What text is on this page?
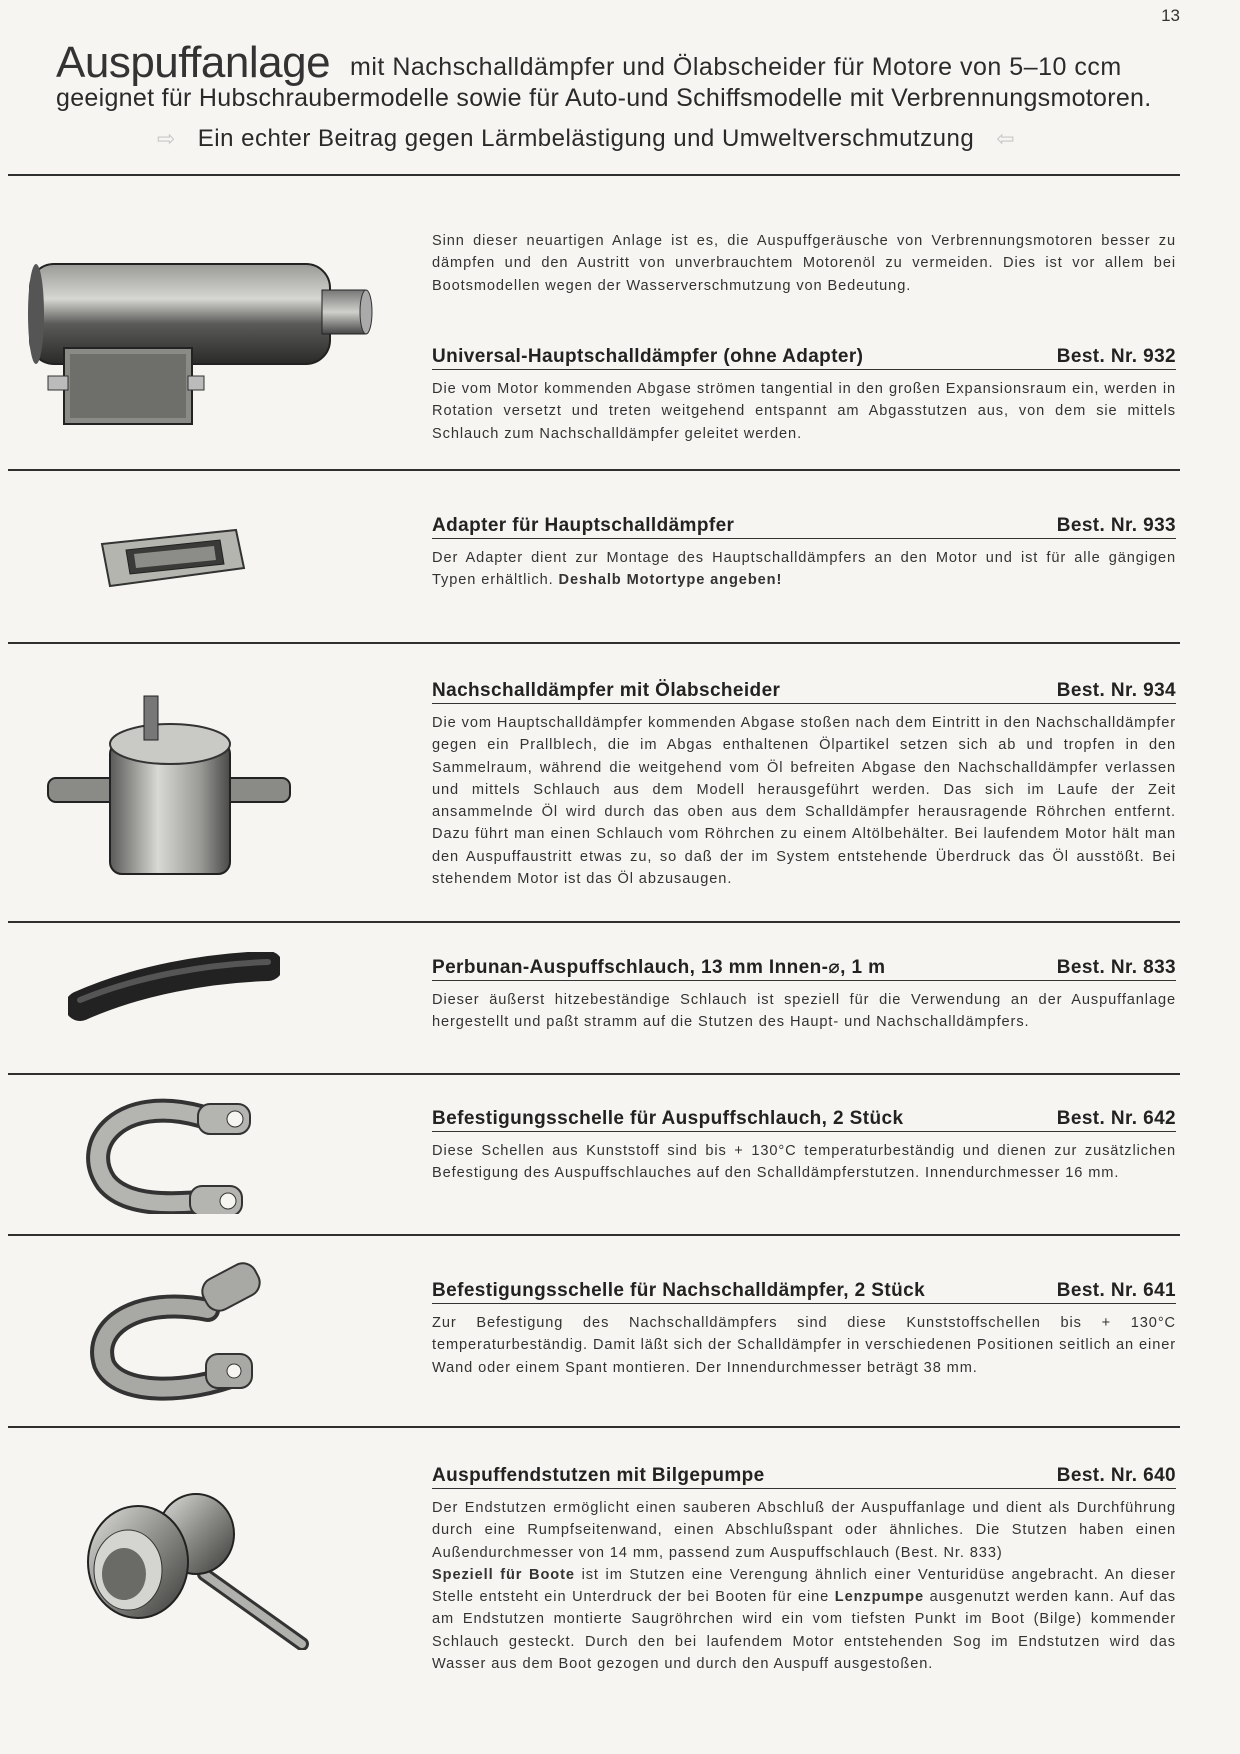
13
Auspuffanlage mit Nachschalldämpfer und Ölabscheider für Motore von 5–10 ccm
geeignet für Hubschraubermodelle sowie für Auto-und Schiffsmodelle mit Verbrennungsmotoren.
⇨ Ein echter Beitrag gegen Lärmbelästigung und Umweltverschmutzung ⇦
Sinn dieser neuartigen Anlage ist es, die Auspuffgeräusche von Verbrennungsmotoren besser zu dämpfen und den Austritt von unverbrauchtem Motorenöl zu vermeiden. Dies ist vor allem bei Bootsmodellen wegen der Wasserverschmutzung von Bedeutung.
Universal-Hauptschalldämpfer (ohne Adapter)	Best. Nr. 932
Die vom Motor kommenden Abgase strömen tangential in den großen Expansionsraum ein, werden in Rotation versetzt und treten weitgehend entspannt am Abgasstutzen aus, von dem sie mittels Schlauch zum Nachschalldämpfer geleitet werden.
Adapter für Hauptschalldämpfer	Best. Nr. 933
Der Adapter dient zur Montage des Hauptschalldämpfers an den Motor und ist für alle gängigen Typen erhältlich. Deshalb Motortype angeben!
Nachschalldämpfer mit Ölabscheider	Best. Nr. 934
Die vom Hauptschalldämpfer kommenden Abgase stoßen nach dem Eintritt in den Nachschalldämpfer gegen ein Prallblech, die im Abgas enthaltenen Ölpartikel setzen sich ab und tropfen in den Sammelraum, während die weitgehend vom Öl befreiten Abgase den Nachschalldämpfer verlassen und mittels Schlauch aus dem Modell herausgeführt werden. Das sich im Laufe der Zeit ansammelnde Öl wird durch das oben aus dem Schalldämpfer herausragende Röhrchen entfernt. Dazu führt man einen Schlauch vom Röhrchen zu einem Altölbehälter. Bei laufendem Motor hält man den Auspuffaustritt etwas zu, so daß der im System entstehende Überdruck das Öl ausstößt. Bei stehendem Motor ist das Öl abzusaugen.
Perbunan-Auspuffschlauch, 13 mm Innen-⌀, 1 m	Best. Nr. 833
Dieser äußerst hitzebeständige Schlauch ist speziell für die Verwendung an der Auspuffanlage hergestellt und paßt stramm auf die Stutzen des Haupt- und Nachschalldämpfers.
Befestigungsschelle für Auspuffschlauch, 2 Stück	Best. Nr. 642
Diese Schellen aus Kunststoff sind bis + 130°C temperaturbeständig und dienen zur zusätzlichen Befestigung des Auspuffschlauches auf den Schalldämpferstutzen. Innendurchmesser 16 mm.
Befestigungsschelle für Nachschalldämpfer, 2 Stück	Best. Nr. 641
Zur Befestigung des Nachschalldämpfers sind diese Kunststoffschellen bis + 130°C temperaturbeständig. Damit läßt sich der Schalldämpfer in verschiedenen Positionen seitlich an einer Wand oder einem Spant montieren. Der Innendurchmesser beträgt 38 mm.
Auspuffendstutzen mit Bilgepumpe	Best. Nr. 640
Der Endstutzen ermöglicht einen sauberen Abschluß der Auspuffanlage und dient als Durchführung durch eine Rumpfseitenwand, einen Abschlußspant oder ähnliches. Die Stutzen haben einen Außendurchmesser von 14 mm, passend zum Auspuffschlauch (Best. Nr. 833)
Speziell für Boote ist im Stutzen eine Verengung ähnlich einer Venturidüse angebracht. An dieser Stelle entsteht ein Unterdruck der bei Booten für eine Lenzpumpe ausgenutzt werden kann. Auf das am Endstutzen montierte Saugröhrchen wird ein vom tiefsten Punkt im Boot (Bilge) kommender Schlauch gesteckt. Durch den bei laufendem Motor entstehenden Sog im Endstutzen wird das Wasser aus dem Boot gezogen und durch den Auspuff ausgestoßen.
